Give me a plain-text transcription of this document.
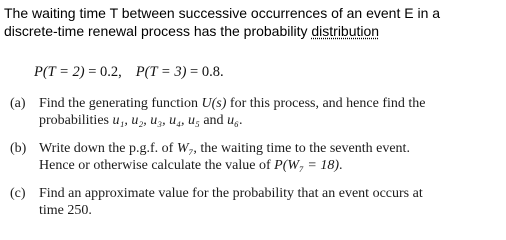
The waiting time T between successive occurrences of an event E in a
discrete-time renewal process has the probability distribution
P(T = 2) = 0.2, P(T = 3) = 0.8.
(a) Find the generating function U(s) for this process, and hence find the
probabilities u₁, u₂, u₃, u₄, u₅ and u₆.
(b) Write down the p.g.f. of W₇, the waiting time to the seventh event.
Hence or otherwise calculate the value of P(W₇ = 18).
(c) Find an approximate value for the probability that an event occurs at
time 250.
